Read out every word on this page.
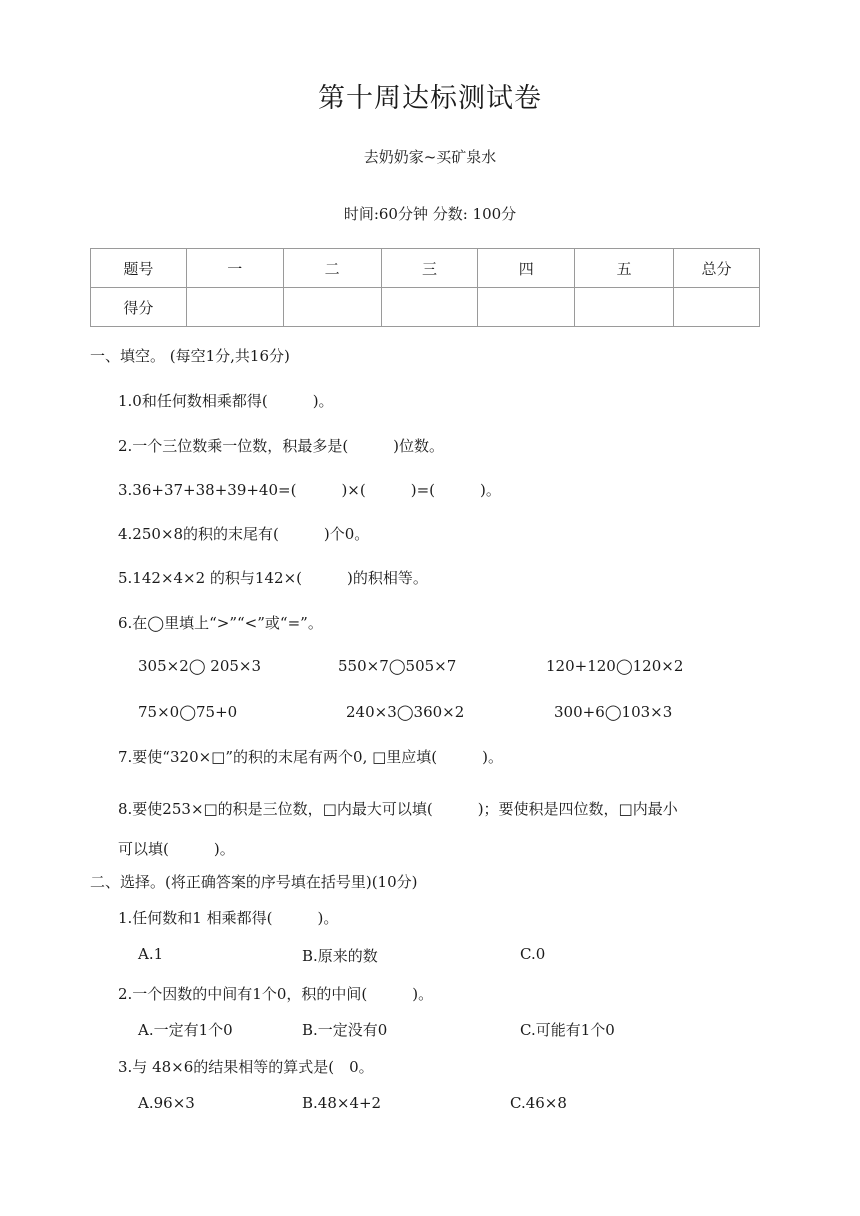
第十周达标测试卷
去奶奶家~买矿泉水
时间:60分钟 分数: 100分
题号	一	二	三	四	五	总分
得分						
一、填空。 (每空1分,共16分)
1.0和任何数相乘都得(　　　)。
2.一个三位数乘一位数，积最多是(　　　)位数。
3.36+37+38+39+40=(　　　)×(　　　)=(　　　)。
4.250×8的积的末尾有(　　　)个0。
5.142×4×2 的积与142×(　　　)的积相等。
6.在◯里填上“>”“<”或“=”。
305×2◯ 205×3	550×7◯505×7	120+120◯120×2
75×0◯75+0	240×3◯360×2	300+6◯103×3
7.要使“320×□”的积的末尾有两个0, □里应填(　　　)。
8.要使253×□的积是三位数，□内最大可以填(　　　)；要使积是四位数，□内最小
可以填(　　　)。
二、选择。(将正确答案的序号填在括号里)(10分)
1.任何数和1 相乘都得(　　　)。
A.1	B.原来的数	C.0
2.一个因数的中间有1个0，积的中间(　　　)。
A.一定有1个0	B.一定没有0	C.可能有1个0
3.与 48×6的结果相等的算式是(　0。
A.96×3	B.48×4+2	C.46×8
